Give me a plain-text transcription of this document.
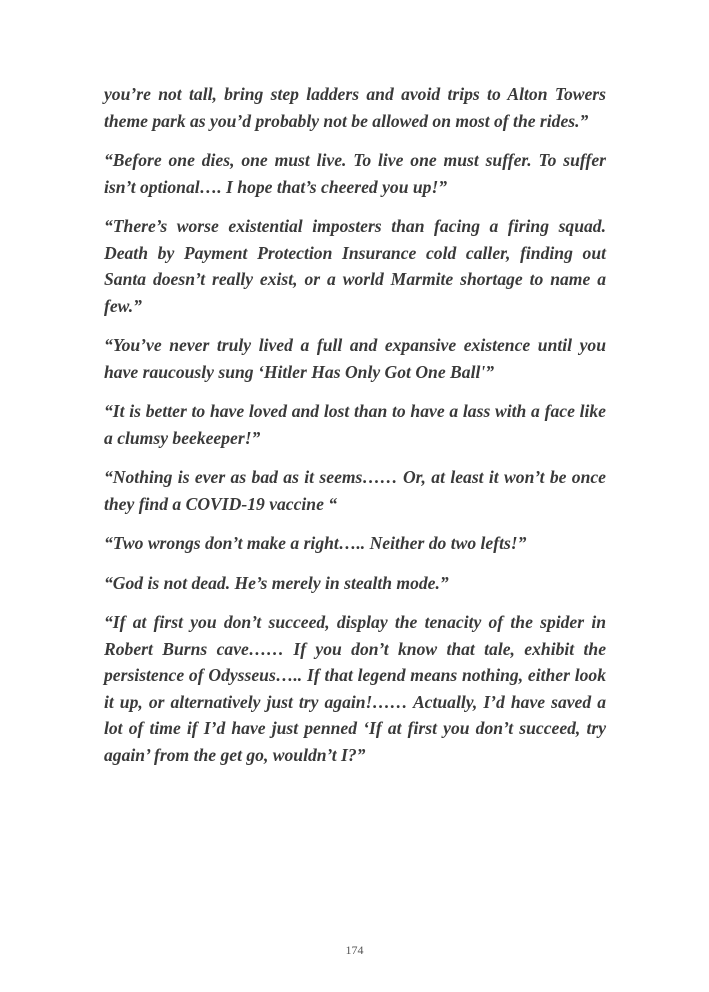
you’re not tall, bring step ladders and avoid trips to Alton Towers theme park as you’d probably not be allowed on most of the rides.”

“Before one dies, one must live. To live one must suffer. To suffer isn’t optional…. I hope that’s cheered you up!”

“There’s worse existential imposters than facing a firing squad. Death by Payment Protection Insurance cold caller, finding out Santa doesn’t really exist, or a world Marmite shortage to name a few.”

“You’ve never truly lived a full and expansive existence until you have raucously sung ‘Hitler Has Only Got One Ball'”

“It is better to have loved and lost than to have a lass with a face like a clumsy beekeeper!”

“Nothing is ever as bad as it seems…… Or, at least it won’t be once they find a COVID-19 vaccine “

“Two wrongs don’t make a right….. Neither do two lefts!”

“God is not dead. He’s merely in stealth mode.”

“If at first you don’t succeed, display the tenacity of the spider in Robert Burns cave…… If you don’t know that tale, exhibit the persistence of Odysseus….. If that legend means nothing, either look it up, or alternatively just try again!…… Actually, I’d have saved a lot of time if I’d have just penned ‘If at first you don’t succeed, try again’ from the get go, wouldn’t I?”

174
